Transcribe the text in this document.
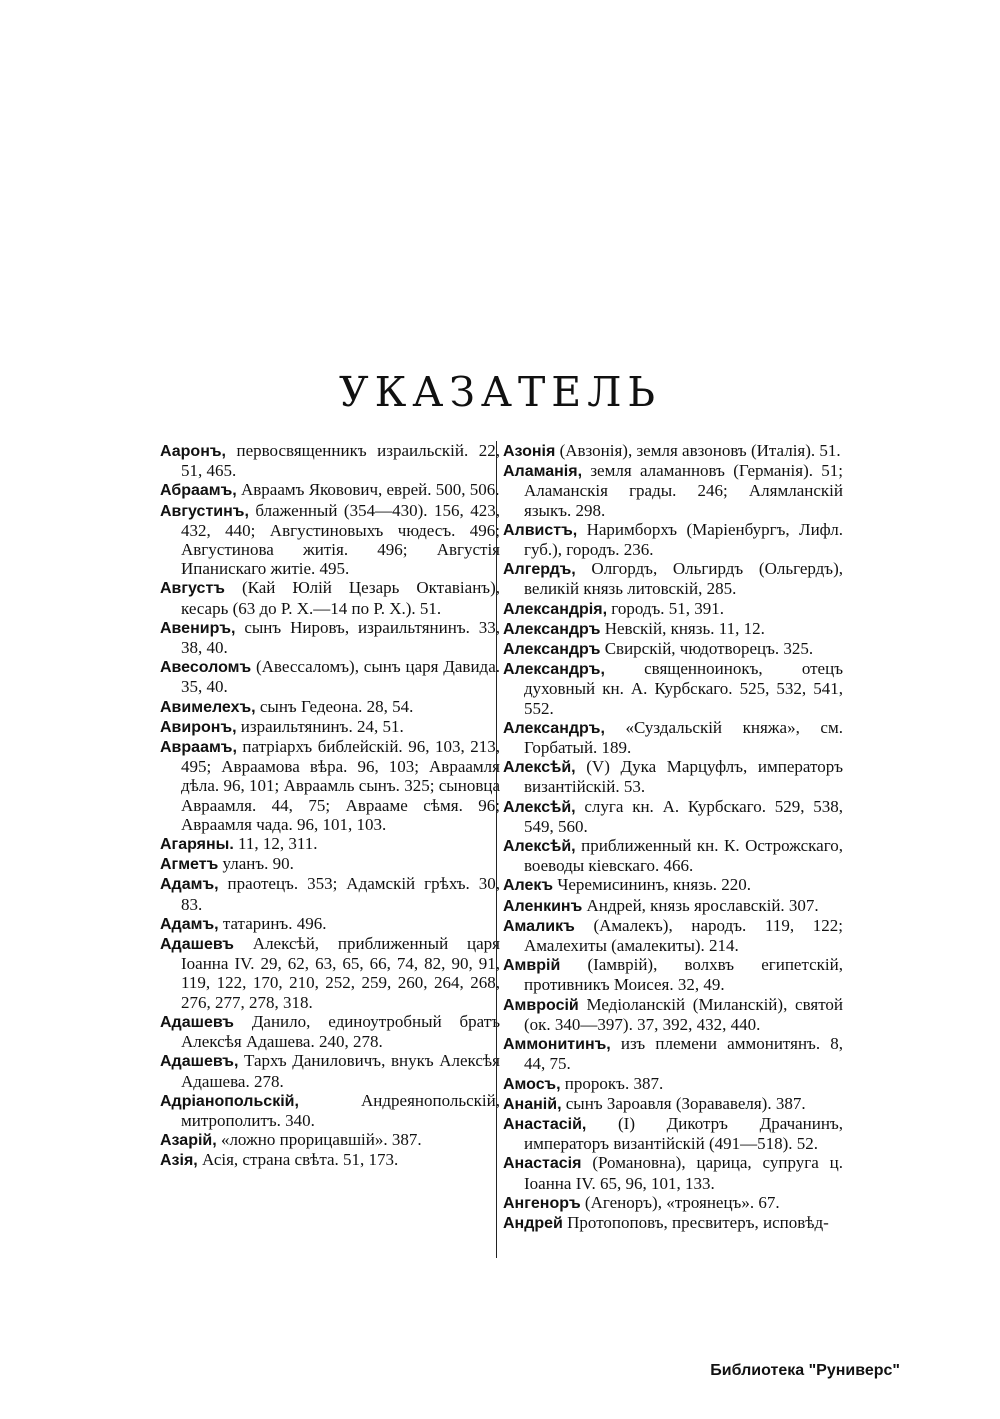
УКАЗАТЕЛЬ

Ааронъ, первосвященникъ израильскій. 22, 51, 465.

Абраамъ, Авраамъ Яковович, еврей. 500, 506.

Августинъ, блаженный (354—430). 156, 423, 432, 440; Августиновыхъ чюдесъ. 496; Августинова житія. 496; Августія Ипанискаго житіе. 495.

Августъ (Кай Юлій Цезарь Октавіанъ), кесарь (63 до Р. Х.—14 по Р. Х.). 51.

Авениръ, сынъ Нировъ, израильтянинъ. 33, 38, 40.

Авесоломъ (Авессаломъ), сынъ царя Давида. 35, 40.

Авимелехъ, сынъ Гедеона. 28, 54.

Авиронъ, израильтянинъ. 24, 51.

Авраамъ, патріархъ библейскій. 96, 103, 213, 495; Авраамова вѣра. 96, 103; Авраамля дѣла. 96, 101; Авраамль сынъ. 325; сыновца Авраамля. 44, 75; Аврааме сѣмя. 96; Авраамля чада. 96, 101, 103.

Агаряны. 11, 12, 311.

Агметъ уланъ. 90.

Адамъ, праотецъ. 353; Адамскій грѣхъ. 30, 83.

Адамъ, татаринъ. 496.

Адашевъ Алексѣй, приближенный царя Іоанна IV. 29, 62, 63, 65, 66, 74, 82, 90, 91, 119, 122, 170, 210, 252, 259, 260, 264, 268, 276, 277, 278, 318.

Адашевъ Данило, единоутробный братъ Алексѣя Адашева. 240, 278.

Адашевъ, Тархъ Даниловичъ, внукъ Алексѣя Адашева. 278.

Адріанопольскій, Андреянопольскій, митрополитъ. 340.

Азарій, «ложно прорицавшій». 387.

Азія, Асія, страна свѣта. 51, 173.

Азонія (Авзонія), земля авзоновъ (Италія). 51.

Аламанія, земля аламанновъ (Германія). 51; Аламанскія грады. 246; Алямланскій языкъ. 298.

Алвистъ, Наримборхъ (Маріенбургъ, Лифл. губ.), городъ. 236.

Алгердъ, Олгордъ, Ольгирдъ (Ольгердъ), великій князь литовскій, 285.

Александрія, городъ. 51, 391.

Александръ Невскій, князь. 11, 12.

Александръ Свирскій, чюдотворецъ. 325.

Александръ, священноинокъ, отецъ духовный кн. А. Курбскаго. 525, 532, 541, 552.

Александръ, «Суздальскій княжа», см. Горбатый. 189.

Алексѣй, (V) Дука Марцуфлъ, императоръ византійскій. 53.

Алексѣй, слуга кн. А. Курбскаго. 529, 538, 549, 560.

Алексѣй, приближенный кн. К. Острожскаго, воеводы кіевскаго. 466.

Алекъ Черемисининъ, князь. 220.

Аленкинъ Андрей, князь ярославскій. 307.

Амаликъ (Амалекъ), народъ. 119, 122; Амалехиты (амалекиты). 214.

Амврій (Іамврій), волхвъ египетскій, противникъ Моисея. 32, 49.

Амвросій Медіоланскій (Миланскій), святой (ок. 340—397). 37, 392, 432, 440.

Аммонитинъ, изъ племени аммонитянъ. 8, 44, 75.

Амосъ, пророкъ. 387.

Ананій, сынъ Зароавля (Зорававеля). 387.

Анастасій, (I) Дикотръ Драчанинъ, императоръ византійскій (491—518). 52.

Анастасія (Романовна), царица, супруга ц. Іоанна IV. 65, 96, 101, 133.

Ангеноръ (Агеноръ), «троянецъ». 67.

Андрей Протопоповъ, пресвитеръ, исповѣд-

Библиотека "Руниверс"
